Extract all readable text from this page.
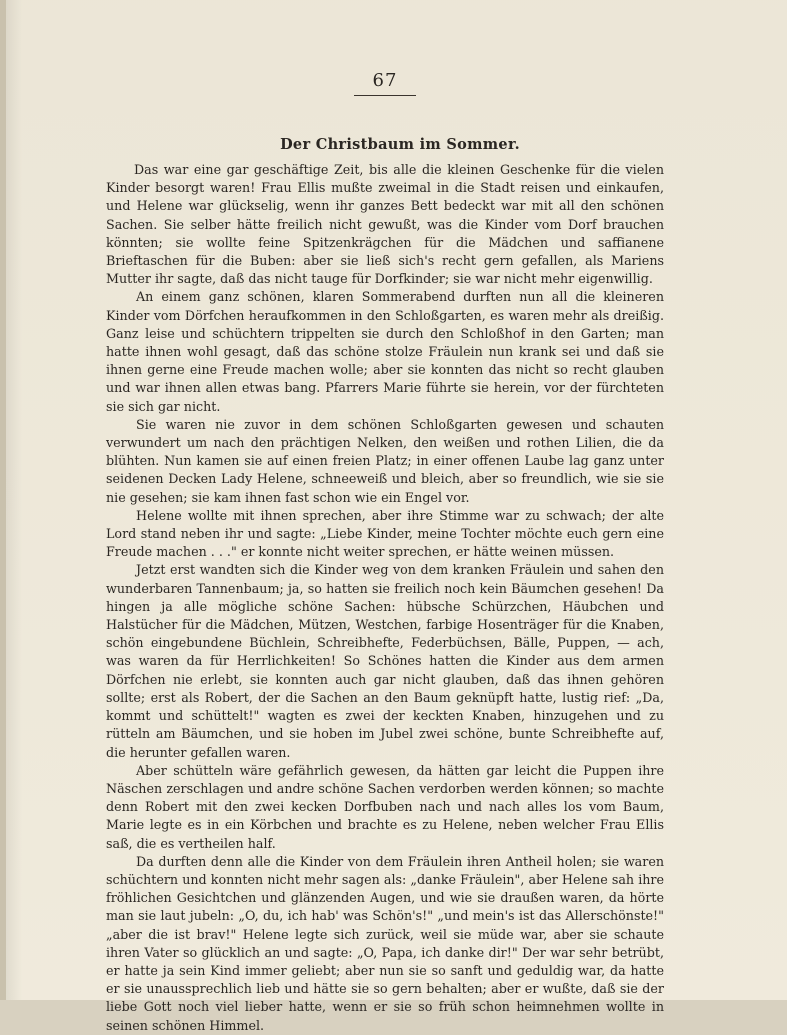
67
Der Christbaum im Sommer.

Das war eine gar geschäftige Zeit, bis alle die kleinen Geschenke für die vielen Kinder besorgt waren! Frau Ellis mußte zweimal in die Stadt reisen und einkaufen, und Helene war glückselig, wenn ihr ganzes Bett bedeckt war mit all den schönen Sachen. Sie selber hätte freilich nicht gewußt, was die Kinder vom Dorf brauchen könnten; sie wollte feine Spitzenkrägchen für die Mädchen und saffianene Brieftaschen für die Buben: aber sie ließ sich's recht gern gefallen, als Mariens Mutter ihr sagte, daß das nicht tauge für Dorfkinder; sie war nicht mehr eigenwillig.

An einem ganz schönen, klaren Sommerabend durften nun all die kleineren Kinder vom Dörfchen heraufkommen in den Schloßgarten, es waren mehr als dreißig. Ganz leise und schüchtern trippelten sie durch den Schloßhof in den Garten; man hatte ihnen wohl gesagt, daß das schöne stolze Fräulein nun krank sei und daß sie ihnen gerne eine Freude machen wolle; aber sie konnten das nicht so recht glauben und war ihnen allen etwas bang. Pfarrers Marie führte sie herein, vor der fürchteten sie sich gar nicht.

Sie waren nie zuvor in dem schönen Schloßgarten gewesen und schauten verwundert um nach den prächtigen Nelken, den weißen und rothen Lilien, die da blühten. Nun kamen sie auf einen freien Platz; in einer offenen Laube lag ganz unter seidenen Decken Lady Helene, schneeweiß und bleich, aber so freundlich, wie sie sie nie gesehen; sie kam ihnen fast schon wie ein Engel vor.

Helene wollte mit ihnen sprechen, aber ihre Stimme war zu schwach; der alte Lord stand neben ihr und sagte: „Liebe Kinder, meine Tochter möchte euch gern eine Freude machen . . ." er konnte nicht weiter sprechen, er hätte weinen müssen.

Jetzt erst wandten sich die Kinder weg von dem kranken Fräulein und sahen den wunderbaren Tannenbaum; ja, so hatten sie freilich noch kein Bäumchen gesehen! Da hingen ja alle mögliche schöne Sachen: hübsche Schürzchen, Häubchen und Halstücher für die Mädchen, Mützen, Westchen, farbige Hosenträger für die Knaben, schön eingebundene Büchlein, Schreibhefte, Federbüchsen, Bälle, Puppen, — ach, was waren da für Herrlichkeiten! So Schönes hatten die Kinder aus dem armen Dörfchen nie erlebt, sie konnten auch gar nicht glauben, daß das ihnen gehören sollte; erst als Robert, der die Sachen an den Baum geknüpft hatte, lustig rief: „Da, kommt und schüttelt!" wagten es zwei der keckten Knaben, hinzugehen und zu rütteln am Bäumchen, und sie hoben im Jubel zwei schöne, bunte Schreibhefte auf, die herunter gefallen waren.

Aber schütteln wäre gefährlich gewesen, da hätten gar leicht die Puppen ihre Näschen zerschlagen und andre schöne Sachen verdorben werden können; so machte denn Robert mit den zwei kecken Dorfbuben nach und nach alles los vom Baum, Marie legte es in ein Körbchen und brachte es zu Helene, neben welcher Frau Ellis saß, die es vertheilen half.

Da durften denn alle die Kinder von dem Fräulein ihren Antheil holen; sie waren schüchtern und konnten nicht mehr sagen als: „danke Fräulein", aber Helene sah ihre fröhlichen Gesichtchen und glänzenden Augen, und wie sie draußen waren, da hörte man sie laut jubeln: „O, du, ich hab' was Schön's!" „und mein's ist das Allerschönste!" „aber die ist brav!" Helene legte sich zurück, weil sie müde war, aber sie schaute ihren Vater so glücklich an und sagte: „O, Papa, ich danke dir!" Der war sehr betrübt, er hatte ja sein Kind immer geliebt; aber nun sie so sanft und geduldig war, da hatte er sie unaussprechlich lieb und hätte sie so gern behalten; aber er wußte, daß sie der liebe Gott noch viel lieber hatte, wenn er sie so früh schon heimnehmen wollte in seinen schönen Himmel.
